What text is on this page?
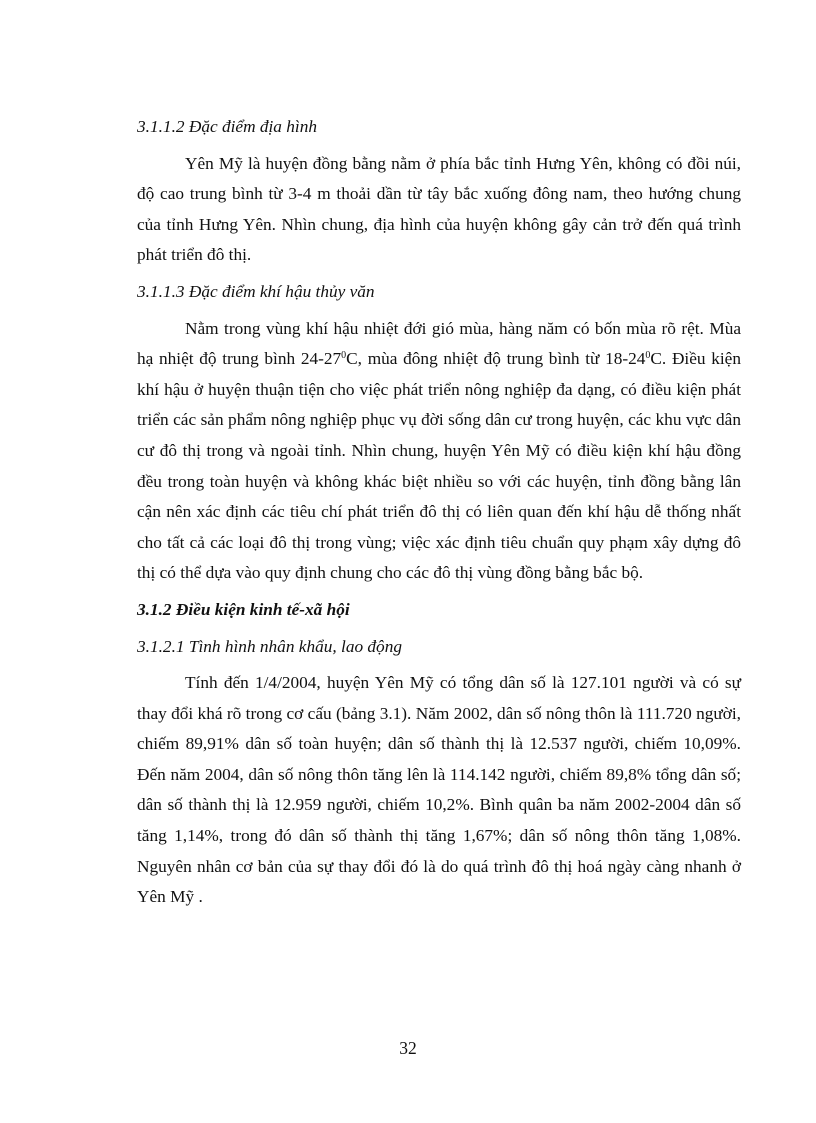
3.1.1.2 Đặc điểm địa hình

Yên Mỹ là huyện đồng bằng nằm ở phía bắc tỉnh Hưng Yên, không có đồi núi, độ cao trung bình từ 3-4 m thoải dần từ tây bắc xuống đông nam, theo hướng chung của tỉnh Hưng Yên. Nhìn chung, địa hình của huyện không gây cản trở đến quá trình phát triển đô thị.

3.1.1.3 Đặc điểm khí hậu thủy văn

Nằm trong vùng khí hậu nhiệt đới gió mùa, hàng năm có bốn mùa rõ rệt. Mùa hạ nhiệt độ trung bình $24-27^0C$, mùa đông nhiệt độ trung bình từ $18-24^0C$. Điều kiện khí hậu ở huyện thuận tiện cho việc phát triển nông nghiệp đa dạng, có điều kiện phát triển các sản phẩm nông nghiệp phục vụ đời sống dân cư trong huyện, các khu vực dân cư đô thị trong và ngoài tỉnh. Nhìn chung, huyện Yên Mỹ có điều kiện khí hậu đồng đều trong toàn huyện và không khác biệt nhiều so với các huyện, tỉnh đồng bằng lân cận nên xác định các tiêu chí phát triển đô thị có liên quan đến khí hậu dễ thống nhất cho tất cả các loại đô thị trong vùng; việc xác định tiêu chuẩn quy phạm xây dựng đô thị có thể dựa vào quy định chung cho các đô thị vùng đồng bằng bắc bộ.

3.1.2 Điều kiện kinh tế-xã hội

3.1.2.1 Tình hình nhân khẩu, lao động

Tính đến 1/4/2004, huyện Yên Mỹ có tổng dân số là 127.101 người và có sự thay đổi khá rõ trong cơ cấu (bảng 3.1). Năm 2002, dân số nông thôn là 111.720 người, chiếm 89,91% dân số toàn huyện; dân số thành thị là 12.537 người, chiếm 10,09%. Đến năm 2004, dân số nông thôn tăng lên là 114.142 người, chiếm 89,8% tổng dân số; dân số thành thị là 12.959 người, chiếm 10,2%. Bình quân ba năm 2002-2004 dân số tăng 1,14%, trong đó dân số thành thị tăng 1,67%; dân số nông thôn tăng 1,08%. Nguyên nhân cơ bản của sự thay đổi đó là do quá trình đô thị hoá ngày càng nhanh ở Yên Mỹ .

32
